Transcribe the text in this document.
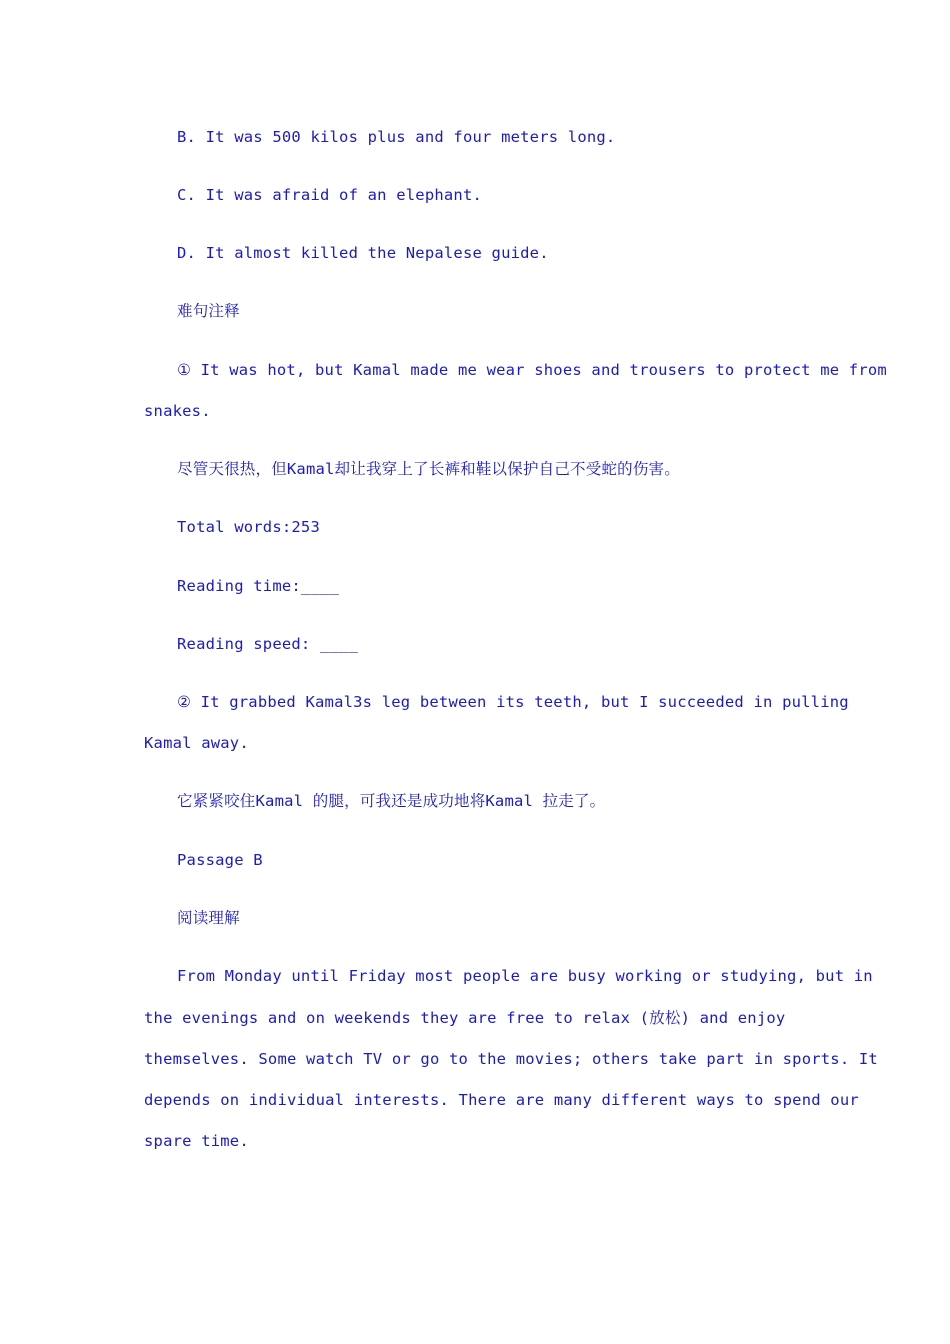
B. It was 500 kilos plus and four meters long.
C. It was afraid of an elephant.
D. It almost killed the Nepalese guide.
难句注释
① It was hot, but Kamal made me wear shoes and trousers to protect me from
snakes.
尽管天很热，但Kamal却让我穿上了长裤和鞋以保护自己不受蛇的伤害。
Total words:253
Reading time:____
Reading speed: ____
② It grabbed Kamal3s leg between its teeth, but I succeeded in pulling
Kamal away.
它紧紧咬住Kamal 的腿，可我还是成功地将Kamal 拉走了。
Passage B
阅读理解
From Monday until Friday most people are busy working or studying, but in
the evenings and on weekends they are free to relax (放松) and enjoy
themselves. Some watch TV or go to the movies; others take part in sports. It
depends on individual interests. There are many different ways to spend our
spare time.
